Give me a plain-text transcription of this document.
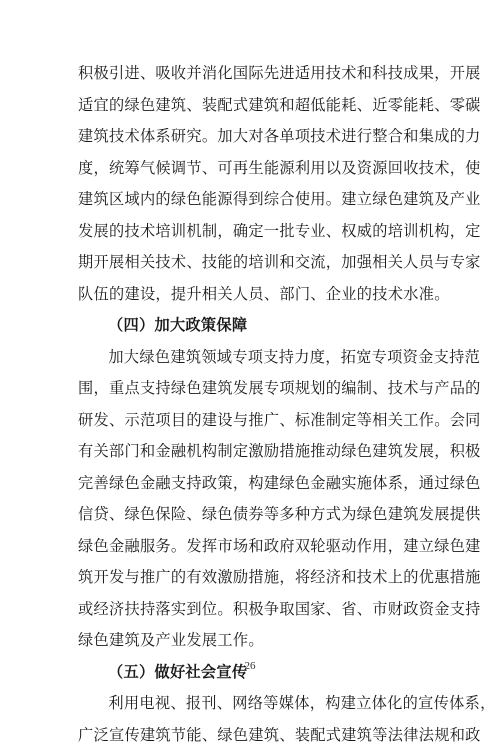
积极引进、吸收并消化国际先进适用技术和科技成果，开展
适宜的绿色建筑、装配式建筑和超低能耗、近零能耗、零碳
建筑技术体系研究。加大对各单项技术进行整合和集成的力
度，统筹气候调节、可再生能源利用以及资源回收技术，使
建筑区域内的绿色能源得到综合使用。建立绿色建筑及产业
发展的技术培训机制，确定一批专业、权威的培训机构，定
期开展相关技术、技能的培训和交流，加强相关人员与专家
队伍的建设，提升相关人员、部门、企业的技术水准。
（四）加大政策保障
加大绿色建筑领域专项支持力度，拓宽专项资金支持范
围，重点支持绿色建筑发展专项规划的编制、技术与产品的
研发、示范项目的建设与推广、标准制定等相关工作。会同
有关部门和金融机构制定激励措施推动绿色建筑发展，积极
完善绿色金融支持政策，构建绿色金融实施体系，通过绿色
信贷、绿色保险、绿色债券等多种方式为绿色建筑发展提供
绿色金融服务。发挥市场和政府双轮驱动作用，建立绿色建
筑开发与推广的有效激励措施，将经济和技术上的优惠措施
或经济扶持落实到位。积极争取国家、省、市财政资金支持
绿色建筑及产业发展工作。
（五）做好社会宣传
利用电视、报刊、网络等媒体，构建立体化的宣传体系，
广泛宣传建筑节能、绿色建筑、装配式建筑等法律法规和政
26
